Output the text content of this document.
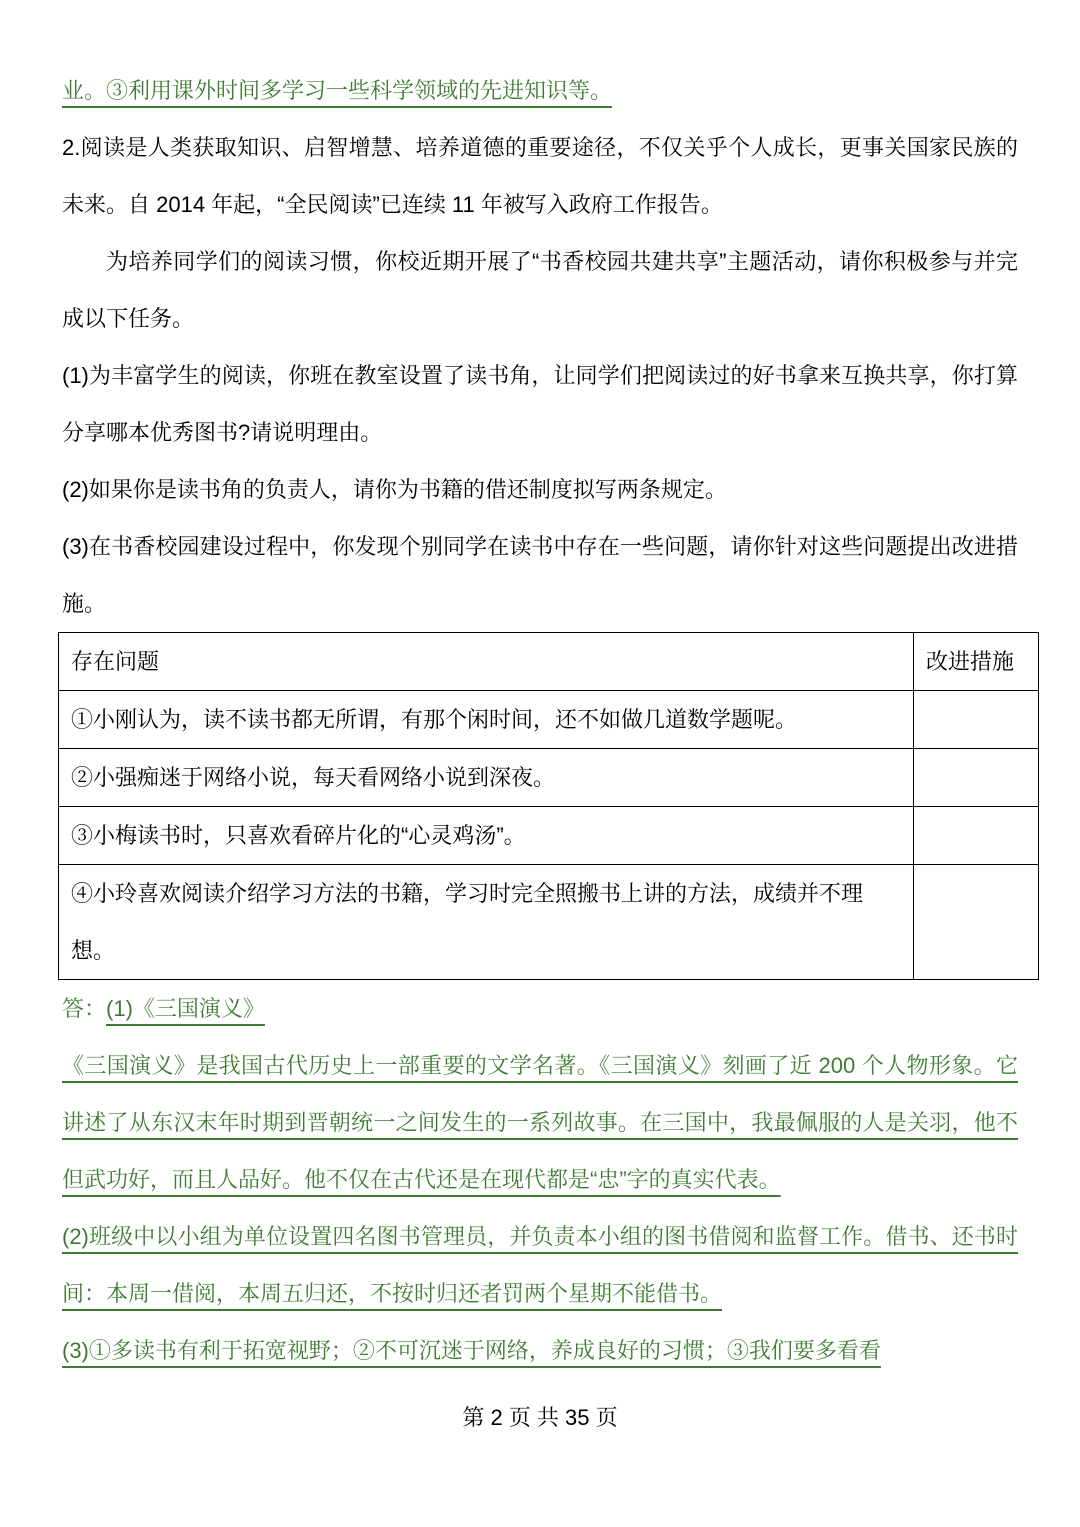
业。③利用课外时间多学习一些科学领域的先进知识等。

2.阅读是人类获取知识、启智增慧、培养道德的重要途径，不仅关乎个人成长，更事关国家民族的未来。自 2014 年起，“全民阅读”已连续 11 年被写入政府工作报告。

为培养同学们的阅读习惯，你校近期开展了“书香校园共建共享”主题活动，请你积极参与并完成以下任务。

(1)为丰富学生的阅读，你班在教室设置了读书角，让同学们把阅读过的好书拿来互换共享，你打算分享哪本优秀图书?请说明理由。

(2)如果你是读书角的负责人，请你为书籍的借还制度拟写两条规定。

(3)在书香校园建设过程中，你发现个别同学在读书中存在一些问题，请你针对这些问题提出改进措施。

存在问题	改进措施
①小刚认为，读不读书都无所谓，有那个闲时间，还不如做几道数学题呢。	
②小强痴迷于网络小说，每天看网络小说到深夜。	
③小梅读书时，只喜欢看碎片化的“心灵鸡汤”。	
④小玲喜欢阅读介绍学习方法的书籍，学习时完全照搬书上讲的方法，成绩并不理想。	

答：(1)《三国演义》

《三国演义》是我国古代历史上一部重要的文学名著。《三国演义》刻画了近 200 个人物形象。它讲述了从东汉末年时期到晋朝统一之间发生的一系列故事。在三国中，我最佩服的人是关羽，他不但武功好，而且人品好。他不仅在古代还是在现代都是“忠”字的真实代表。

(2)班级中以小组为单位设置四名图书管理员，并负责本小组的图书借阅和监督工作。借书、还书时间：本周一借阅，本周五归还，不按时归还者罚两个星期不能借书。

(3)①多读书有利于拓宽视野；②不可沉迷于网络，养成良好的习惯；③我们要多看看

第 2 页 共 35 页
